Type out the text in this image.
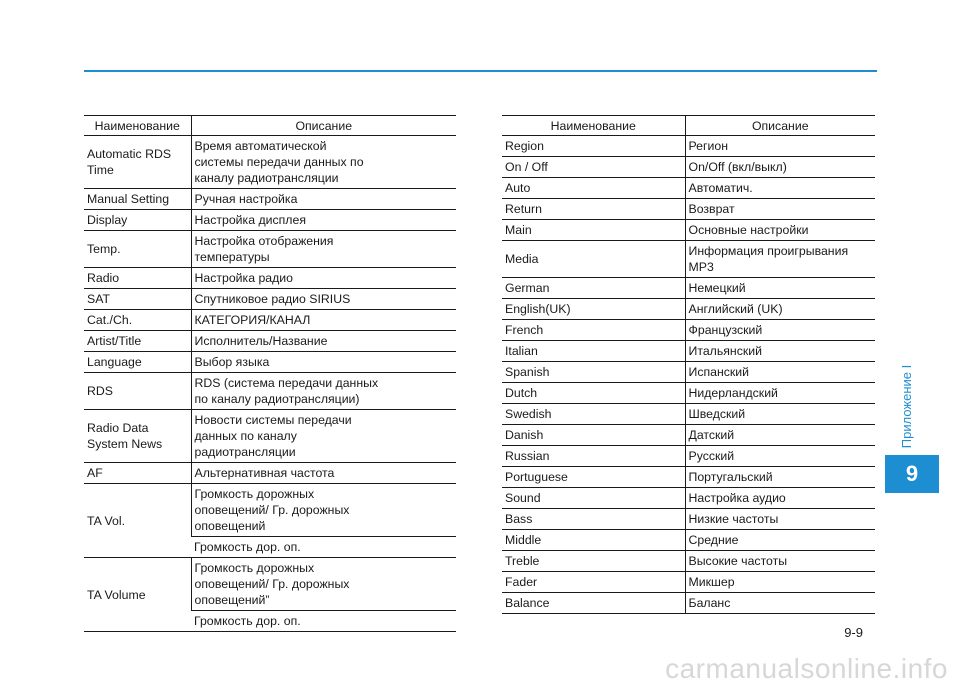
Наименование	Описание
Automatic RDS
Time	Время автоматической
системы передачи данных по
каналу радиотрансляции
Manual Setting	Ручная настройка
Display	Настройка дисплея
Temp.	Настройка отображения
температуры
Radio	Настройка радио
SAT	Спутниковое радио SIRIUS
Cat./Ch.	КАТЕГОРИЯ/КАНАЛ
Artist/Title	Исполнитель/Название
Language	Выбор языка
RDS	RDS (система передачи данных
по каналу радиотрансляции)
Radio Data
System News	Новости системы передачи
данных по каналу
радиотрансляции
AF	Альтернативная частота
TA Vol.	Громкость дорожных
оповещений/ Гр. дорожных
оповещений
	Громкость дор. оп.
TA Volume	Громкость дорожных
оповещений/ Гр. дорожных
оповещений”
	Громкость дор. оп.
Наименование	Описание
Region	Регион
On / Off	On/Off (вкл/выкл)
Auto	Автоматич.
Return	Возврат
Main	Основные настройки
Media	Информация проигрывания
MP3
German	Немецкий
English(UK)	Английский (UK)
French	Французский
Italian	Итальянский
Spanish	Испанский
Dutch	Нидерландский
Swedish	Шведский
Danish	Датский
Russian	Русский
Portuguese	Португальский
Sound	Настройка аудио
Bass	Низкие частоты
Middle	Средние
Treble	Высокие частоты
Fader	Микшер
Balance	Баланс
Приложение I
9
9-9
carmanualsonline.info
